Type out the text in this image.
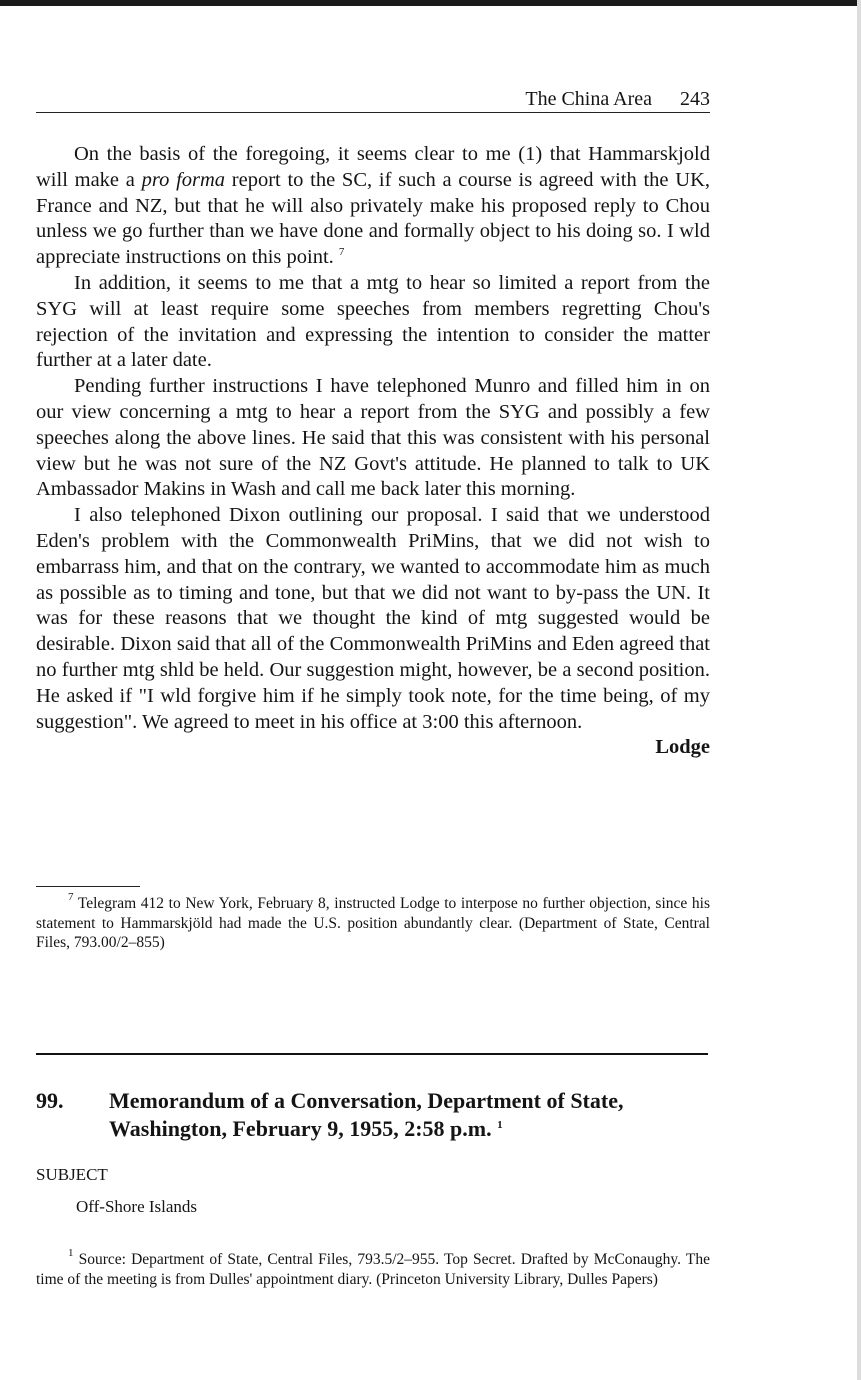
The China Area 243

On the basis of the foregoing, it seems clear to me (1) that Hammarskjold will make a pro forma report to the SC, if such a course is agreed with the UK, France and NZ, but that he will also privately make his proposed reply to Chou unless we go further than we have done and formally object to his doing so. I wld appreciate instructions on this point. $^7$

In addition, it seems to me that a mtg to hear so limited a report from the SYG will at least require some speeches from members regretting Chou's rejection of the invitation and expressing the intention to consider the matter further at a later date.

Pending further instructions I have telephoned Munro and filled him in on our view concerning a mtg to hear a report from the SYG and possibly a few speeches along the above lines. He said that this was consistent with his personal view but he was not sure of the NZ Govt's attitude. He planned to talk to UK Ambassador Makins in Wash and call me back later this morning.

I also telephoned Dixon outlining our proposal. I said that we understood Eden's problem with the Commonwealth PriMins, that we did not wish to embarrass him, and that on the contrary, we wanted to accommodate him as much as possible as to timing and tone, but that we did not want to by-pass the UN. It was for these reasons that we thought the kind of mtg suggested would be desirable. Dixon said that all of the Commonwealth PriMins and Eden agreed that no further mtg shld be held. Our suggestion might, however, be a second position. He asked if "I wld forgive him if he simply took note, for the time being, of my suggestion". We agreed to meet in his office at 3:00 this afternoon.

Lodge

$^7$ Telegram 412 to New York, February 8, instructed Lodge to interpose no further objection, since his statement to Hammarskjöld had made the U.S. position abundantly clear. (Department of State, Central Files, 793.00/2–855)

99. Memorandum of a Conversation, Department of State, Washington, February 9, 1955, 2:58 p.m. $^1$
SUBJECT
Off-Shore Islands

$^1$ Source: Department of State, Central Files, 793.5/2–955. Top Secret. Drafted by McConaughy. The time of the meeting is from Dulles' appointment diary. (Princeton University Library, Dulles Papers)
